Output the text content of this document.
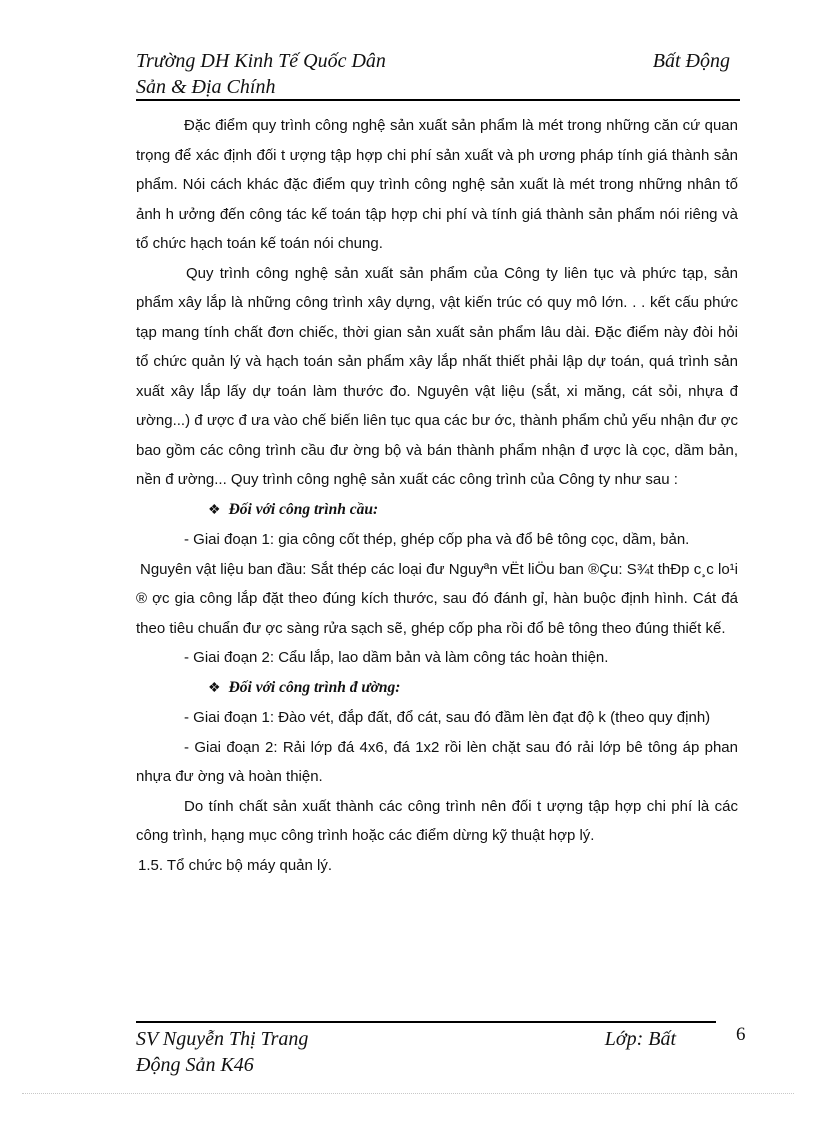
Trường DH Kinh Tế Quốc Dân	Bất Động
Sản & Địa Chính

Đặc điểm quy trình công nghệ sản xuất sản phẩm là mét trong những căn cứ quan trọng để xác định đối t ượng tập hợp chi phí sản xuất và ph ương pháp tính giá thành sản phẩm. Nói cách khác đặc điểm quy trình công nghệ sản xuất là mét trong những nhân tố ảnh h ưởng đến công tác kế toán tập hợp chi phí và tính giá thành sản phẩm nói riêng và tổ chức hạch toán kế toán nói chung.

Quy trình công nghệ sản xuất sản phẩm của Công ty liên tục và phức tạp, sản phẩm xây lắp là những công trình xây dựng, vật kiến trúc có quy mô lớn. . . kết cấu phức tạp mang tính chất đơn chiếc, thời gian sản xuất sản phẩm lâu dài. Đặc điểm này đòi hỏi tổ chức quản lý và hạch toán sản phẩm xây lắp nhất thiết phải lập dự toán, quá trình sản xuất xây lắp lấy dự toán làm thước đo. Nguyên vật liệu (sắt, xi măng, cát sỏi, nhựa đ ường...) đ ược đ ưa vào chế biến liên tục qua các bư ớc, thành phẩm chủ yếu nhận đư ợc bao gồm các công trình cầu đư ờng bộ và bán thành phẩm nhận đ ược là cọc, dầm bản, nền đ ường... Quy trình công nghệ sản xuất các công trình của Công ty như sau :

❖ Đối với công trình cầu:

- Giai đoạn 1: gia công cốt thép, ghép cốp pha và đổ bê tông cọc, dầm, bản.

Nguyên vật liệu ban đầu: Sắt thép các loại đư Nguyªn vËt liÖu ban ®Çu: S¾t thÐp c¸c lo¹i ® ợc gia công lắp đặt theo đúng kích thước, sau đó đánh gỉ, hàn buộc định hình. Cát đá theo tiêu chuẩn đư ợc sàng rửa sạch sẽ, ghép cốp pha rồi đổ bê tông theo đúng thiết kế.

- Giai đoạn 2: Cẩu lắp, lao dầm bản và làm công tác hoàn thiện.

❖ Đối với công trình đ ường:

- Giai đoạn 1: Đào vét, đắp đất, đổ cát, sau đó đầm lèn đạt độ k (theo quy định)

- Giai đoạn 2: Rải lớp đá 4x6, đá 1x2 rồi lèn chặt sau đó rải lớp bê tông áp phan nhựa đư ờng và hoàn thiện.

Do tính chất sản xuất thành các công trình nên đối t ượng tập hợp chi phí là các công trình, hạng mục công trình hoặc các điểm dừng kỹ thuật hợp lý.

1.5. Tổ chức bộ máy quản lý.

SV Nguyễn Thị Trang	Lớp: Bất
Động Sản K46
6
